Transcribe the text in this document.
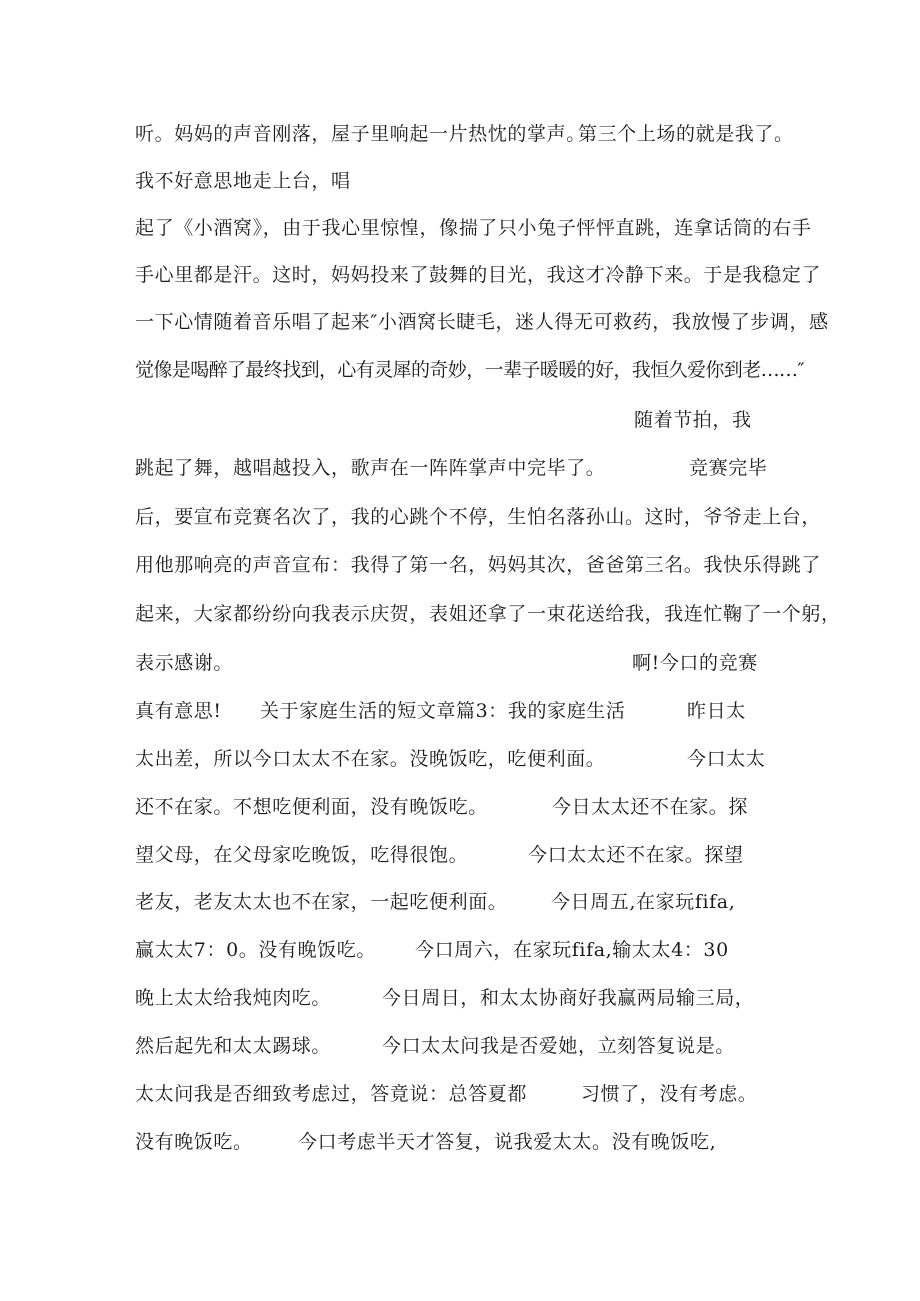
听。妈妈的声音刚落，屋子里响起一片热忱的掌声。

第三个上场的就是我了。

我不好意思地走上台，唱

起了《小酒窝》，由于我心里惊惶，像揣了只小兔子怦怦直跳，连拿话筒的右手

手心里都是汗。这时，妈妈投来了鼓舞的目光，我这才冷静下来。于是我稳定了

一下心情随着音乐唱了起来″小酒窝长睫毛，迷人得无可救药，我放慢了步调，感

觉像是喝醉了最终找到，心有灵犀的奇妙，一辈子暖暖的好，我恒久爱你到老……″

随着节拍，我

跳起了舞，越唱越投入，歌声在一阵阵掌声中完毕了。

	竞赛完毕

后，要宣布竞赛名次了，我的心跳个不停，生怕名落孙山。这时，爷爷走上台，

用他那响亮的声音宣布：我得了第一名，妈妈其次，爸爸第三名。我快乐得跳了

起来，大家都纷纷向我表示庆贺，表姐还拿了一束花送给我，我连忙鞠了一个躬，

表示感谢。

	啊!今口的竞赛

真有意思!

关于家庭生活的短文章篇3：我的家庭生活

	昨日太

太出差，所以今口太太不在家。没晚饭吃，吃便利面。

	今口太太

还不在家。不想吃便利面，没有晚饭吃。

	今日太太还不在家。探

望父母，在父母家吃晚饭，吃得很饱。

	今口太太还不在家。探望

老友，老友太太也不在家，一起吃便利面。

今日周五,在家玩fifa,

赢太太7：0。没有晚饭吃。

今口周六，在家玩fifa,输太太4：30

晚上太太给我炖肉吃。

	今日周日，和太太协商好我赢两局输三局，

然后起先和太太踢球。

	今口太太问我是否爱她，立刻答复说是。

太太问我是否细致考虑过，答竟说：总答夏都

	习惯了，没有考虑。

没有晚饭吃。

今口考虑半天才答复，说我爱太太。没有晚饭吃,
